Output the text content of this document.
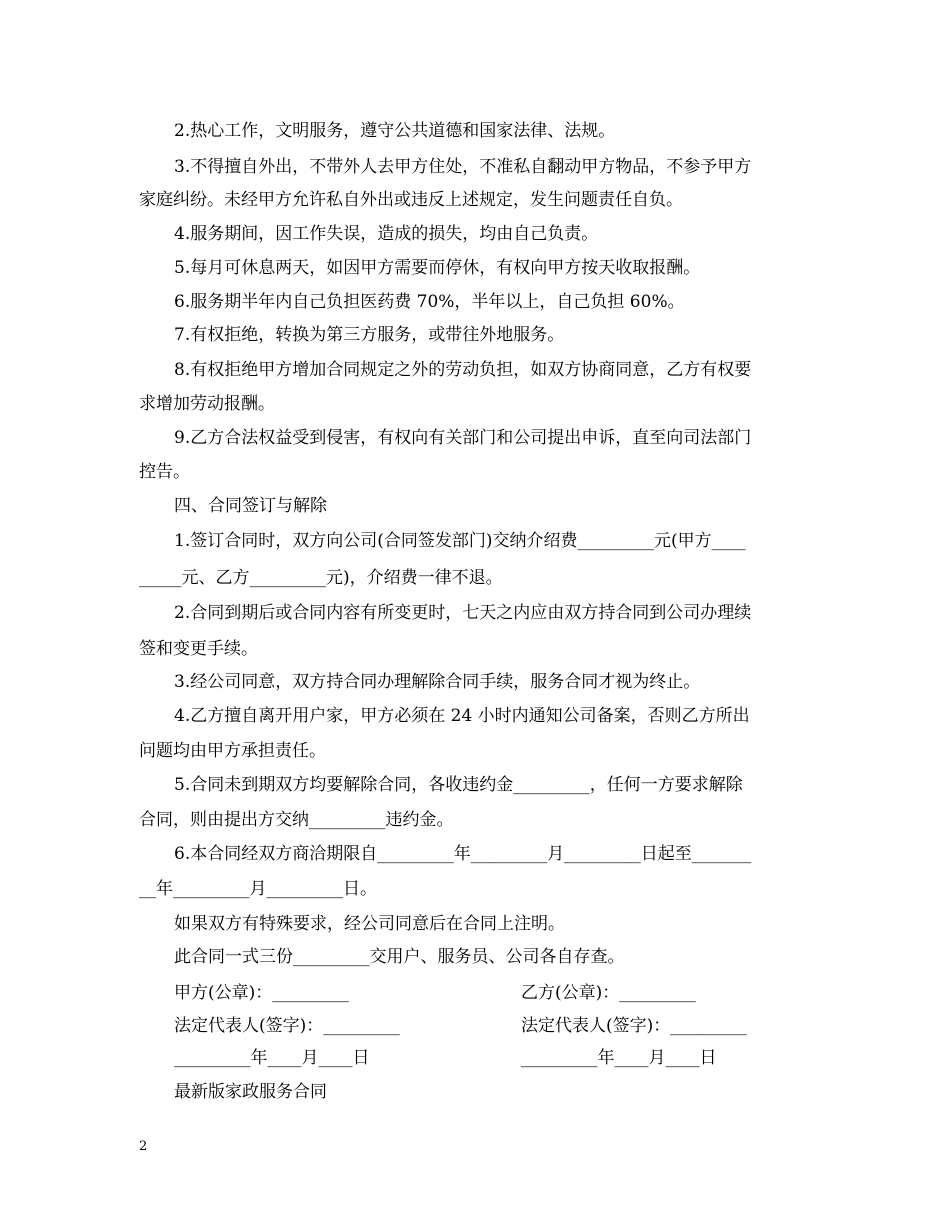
2.热心工作，文明服务，遵守公共道德和国家法律、法规。
3.不得擅自外出，不带外人去甲方住处，不准私自翻动甲方物品，不参予甲方
家庭纠纷。未经甲方允许私自外出或违反上述规定，发生问题责任自负。
4.服务期间，因工作失误，造成的损失，均由自己负责。
5.每月可休息两天，如因甲方需要而停休，有权向甲方按天收取报酬。
6.服务期半年内自己负担医药费 70%，半年以上，自己负担 60%。
7.有权拒绝，转换为第三方服务，或带往外地服务。
8.有权拒绝甲方增加合同规定之外的劳动负担，如双方协商同意，乙方有权要
求增加劳动报酬。
9.乙方合法权益受到侵害，有权向有关部门和公司提出申诉，直至向司法部门
控告。
四、合同签订与解除
1.签订合同时，双方向公司(合同签发部门)交纳介绍费_________元(甲方____
_____元、乙方_________元)，介绍费一律不退。
2.合同到期后或合同内容有所变更时，七天之内应由双方持合同到公司办理续
签和变更手续。
3.经公司同意，双方持合同办理解除合同手续，服务合同才视为终止。
4.乙方擅自离开用户家，甲方必须在 24 小时内通知公司备案，否则乙方所出
问题均由甲方承担责任。
5.合同未到期双方均要解除合同，各收违约金_________，任何一方要求解除
合同，则由提出方交纳_________违约金。
6.本合同经双方商洽期限自_________年_________月_________日起至_______
__年_________月_________日。
如果双方有特殊要求，经公司同意后在合同上注明。
此合同一式三份_________交用户、服务员、公司各自存查。
甲方(公章)：_________	乙方(公章)：_________
法定代表人(签字)：_________	法定代表人(签字)：_________
_________年____月____日	_________年____月____日
最新版家政服务合同
2
